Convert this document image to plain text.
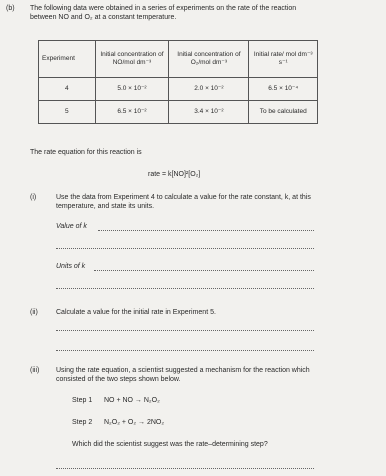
(b) The following data were obtained in a series of experiments on the rate of the reaction
between NO and O₂ at a constant temperature.
Experiment	Initial concentration of NO/mol dm⁻³	Initial concentration of O₂/mol dm⁻³	Initial rate/ mol dm⁻³ s⁻¹
4	5.0 × 10⁻²	2.0 × 10⁻²	6.5 × 10⁻⁴
5	6.5 × 10⁻²	3.4 × 10⁻²	To be calculated
The rate equation for this reaction is
rate = k[NO]²[O₂]
(i)	Use the data from Experiment 4 to calculate a value for the rate constant, k, at this
temperature, and state its units.
Value of k
Units of k
(ii)	Calculate a value for the initial rate in Experiment 5.
(iii) Using the rate equation, a scientist suggested a mechanism for the reaction which
consisted of the two steps shown below.
Step 1 NO + NO → N₂O₂
Step 2 N₂O₂ + O₂ → 2NO₂
Which did the scientist suggest was the rate–determining step?
